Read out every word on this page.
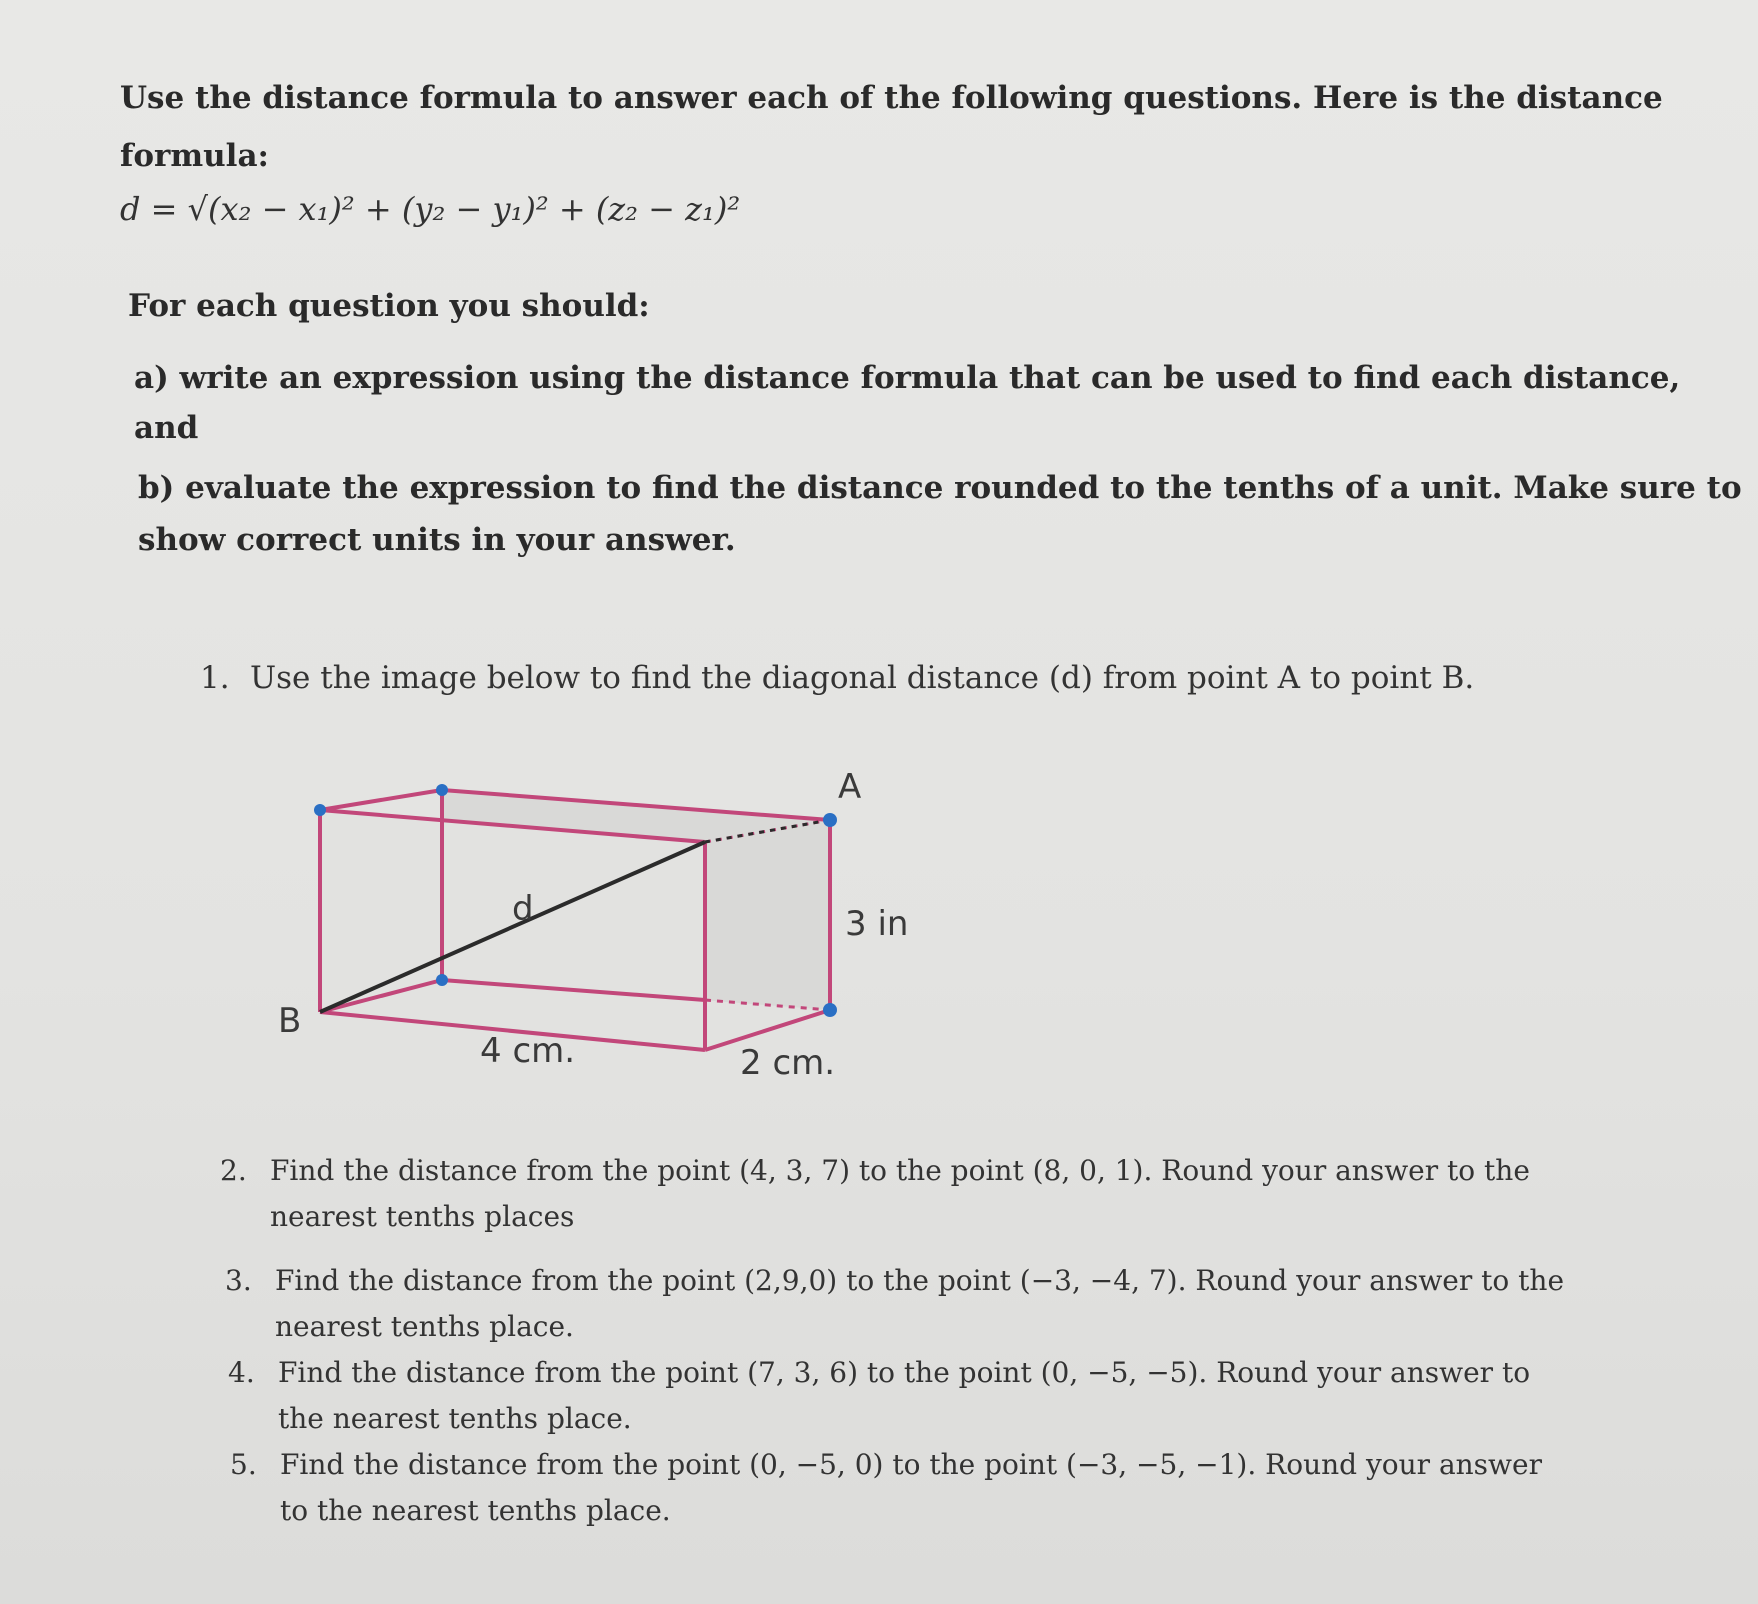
Use the distance formula to answer each of the following questions. Here is the distance
formula:
d = √(x₂ − x₁)² + (y₂ − y₁)² + (z₂ − z₁)²
For each question you should:
a) write an expression using the distance formula that can be used to find each distance,
and
b) evaluate the expression to find the distance rounded to the tenths of a unit. Make sure to
show correct units in your answer.
1. Use the image below to find the diagonal distance (d) from point A to point B.
A
B
d	3 in
4 cm.	2 cm.
2. Find the distance from the point (4, 3, 7) to the point (8, 0, 1). Round your answer to the
nearest tenths places
3. Find the distance from the point (2,9,0) to the point (−3, −4, 7). Round your answer to the
nearest tenths place.
4. Find the distance from the point (7, 3, 6) to the point (0, −5, −5). Round your answer to
the nearest tenths place.
5. Find the distance from the point (0, −5, 0) to the point (−3, −5, −1). Round your answer
to the nearest tenths place.
